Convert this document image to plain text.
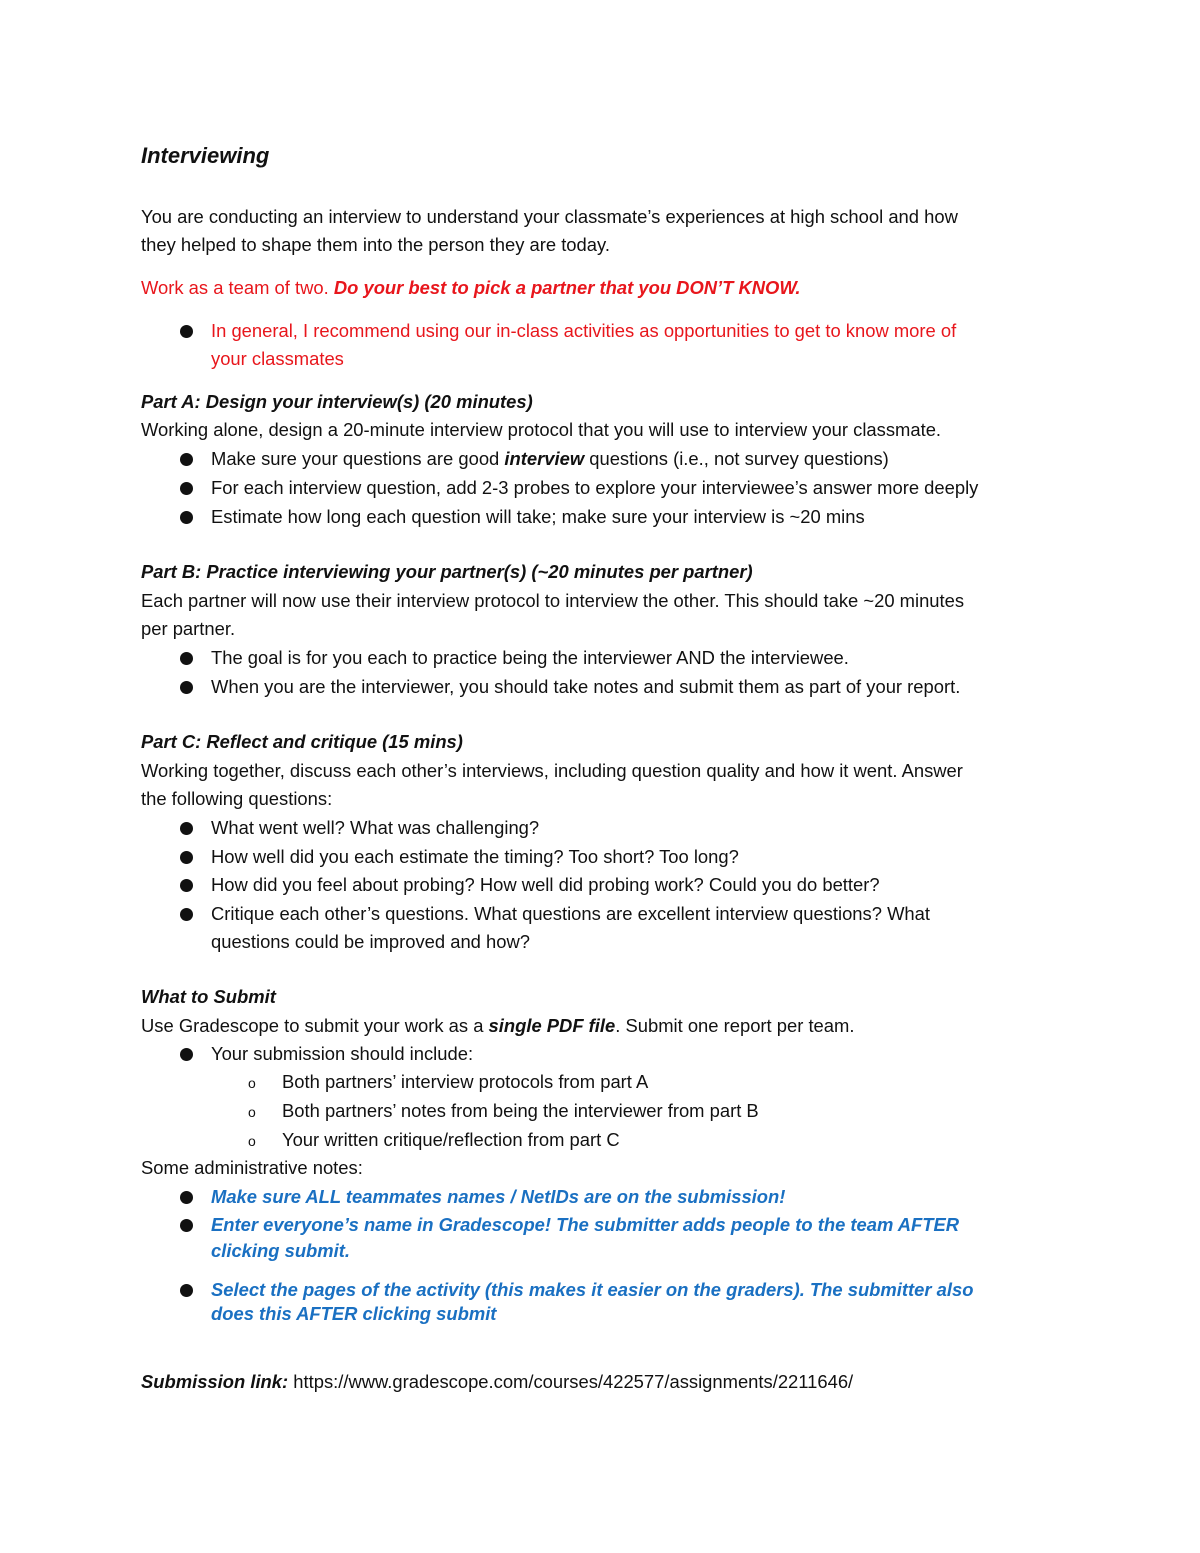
Interviewing
You are conducting an interview to understand your classmate’s experiences at high school and how
they helped to shape them into the person they are today.
Work as a team of two. Do your best to pick a partner that you DON’T KNOW.
In general, I recommend using our in-class activities as opportunities to get to know more of
your classmates
Part A: Design your interview(s) (20 minutes)
Working alone, design a 20-minute interview protocol that you will use to interview your classmate.
Make sure your questions are good interview questions (i.e., not survey questions)
For each interview question, add 2-3 probes to explore your interviewee’s answer more deeply
Estimate how long each question will take; make sure your interview is ~20 mins
Part B: Practice interviewing your partner(s) (~20 minutes per partner)
Each partner will now use their interview protocol to interview the other. This should take ~20 minutes
per partner.
The goal is for you each to practice being the interviewer AND the interviewee.
When you are the interviewer, you should take notes and submit them as part of your report.
Part C: Reflect and critique (15 mins)
Working together, discuss each other’s interviews, including question quality and how it went. Answer
the following questions:
What went well? What was challenging?
How well did you each estimate the timing? Too short? Too long?
How did you feel about probing? How well did probing work? Could you do better?
Critique each other’s questions. What questions are excellent interview questions? What
questions could be improved and how?
What to Submit
Use Gradescope to submit your work as a single PDF file. Submit one report per team.
Your submission should include:
o Both partners’ interview protocols from part A
o Both partners’ notes from being the interviewer from part B
o Your written critique/reflection from part C
Some administrative notes:
Make sure ALL teammates names / NetIDs are on the submission!
Enter everyone’s name in Gradescope! The submitter adds people to the team AFTER
clicking submit.
Select the pages of the activity (this makes it easier on the graders). The submitter also
does this AFTER clicking submit
Submission link: https://www.gradescope.com/courses/422577/assignments/2211646/
